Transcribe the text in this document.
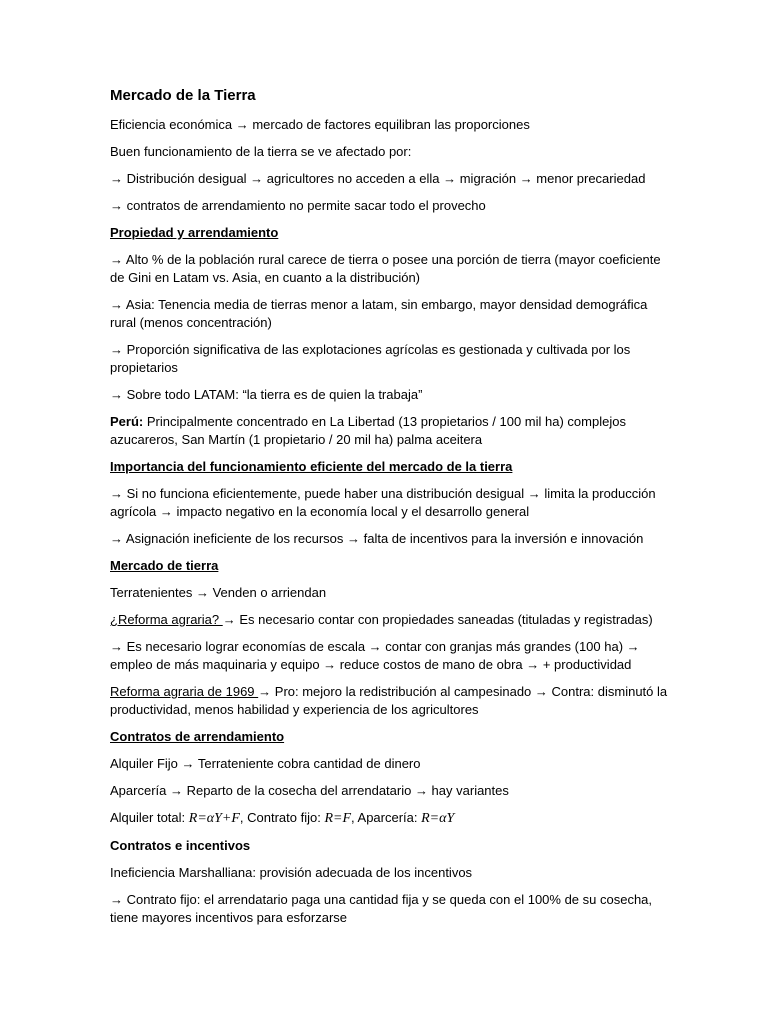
Mercado de la Tierra
Eficiencia económica → mercado de factores equilibran las proporciones
Buen funcionamiento de la tierra se ve afectado por:
→ Distribución desigual → agricultores no acceden a ella → migración → menor precariedad
→ contratos de arrendamiento no permite sacar todo el provecho
Propiedad y arrendamiento
→ Alto % de la población rural carece de tierra o posee una porción de tierra (mayor coeficiente de Gini en Latam vs. Asia, en cuanto a la distribución)
→ Asia: Tenencia media de tierras menor a latam, sin embargo, mayor densidad demográfica rural (menos concentración)
→ Proporción significativa de las explotaciones agrícolas es gestionada y cultivada por los propietarios
→ Sobre todo LATAM: “la tierra es de quien la trabaja”
Perú: Principalmente concentrado en La Libertad (13 propietarios / 100 mil ha) complejos azucareros, San Martín (1 propietario / 20 mil ha) palma aceitera
Importancia del funcionamiento eficiente del mercado de la tierra
→ Si no funciona eficientemente, puede haber una distribución desigual → limita la producción agrícola → impacto negativo en la economía local y el desarrollo general
→ Asignación ineficiente de los recursos → falta de incentivos para la inversión e innovación
Mercado de tierra
Terratenientes → Venden o arriendan
¿Reforma agraria? → Es necesario contar con propiedades saneadas (tituladas y registradas)
→ Es necesario lograr economías de escala → contar con granjas más grandes (100 ha) → empleo de más maquinaria y equipo → reduce costos de mano de obra → + productividad
Reforma agraria de 1969 → Pro: mejoro la redistribución al campesinado → Contra: disminutó la productividad, menos habilidad y experiencia de los agricultores
Contratos de arrendamiento
Alquiler Fijo → Terrateniente cobra cantidad de dinero
Aparcería → Reparto de la cosecha del arrendatario → hay variantes
Alquiler total: R=αY+F, Contrato fijo: R=F, Aparcería: R=αY
Contratos e incentivos
Ineficiencia Marshalliana: provisión adecuada de los incentivos
→ Contrato fijo: el arrendatario paga una cantidad fija y se queda con el 100% de su cosecha, tiene mayores incentivos para esforzarse
